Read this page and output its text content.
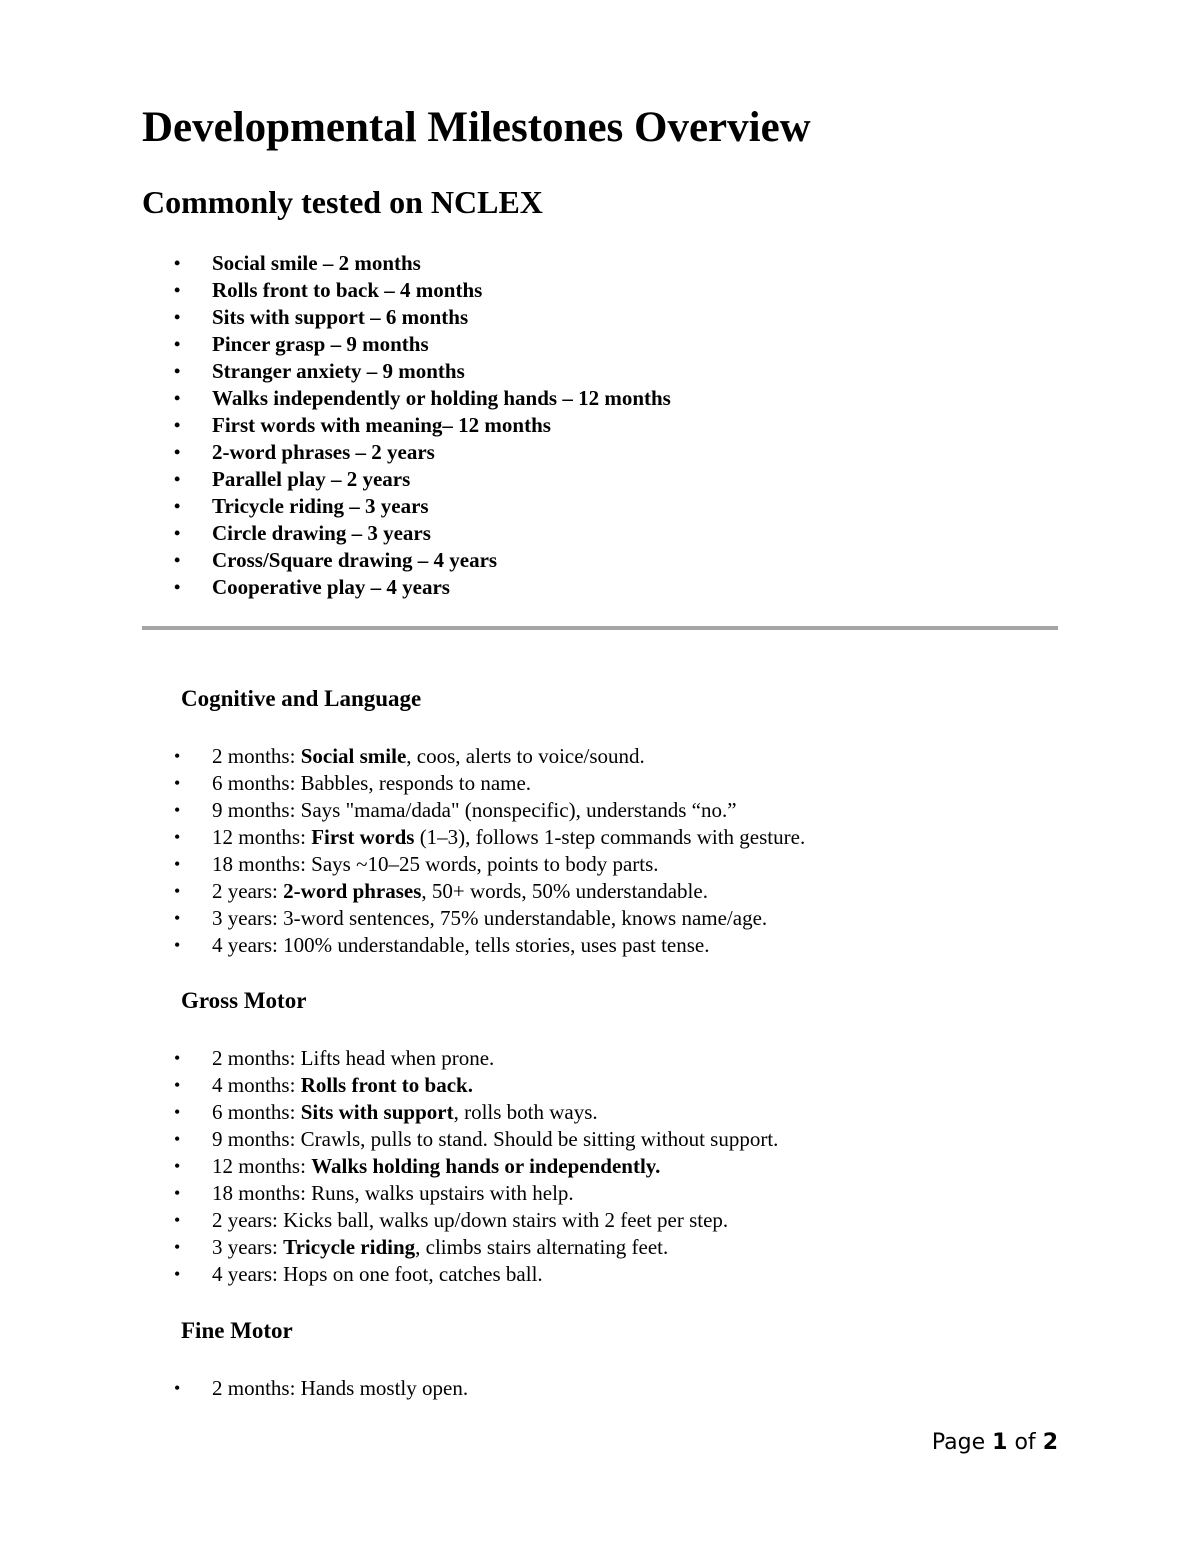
Developmental Milestones Overview
Commonly tested on NCLEX
•	Social smile – 2 months
•	Rolls front to back – 4 months
•	Sits with support – 6 months
•	Pincer grasp – 9 months
•	Stranger anxiety – 9 months
•	Walks independently or holding hands – 12 months
•	First words with meaning– 12 months
•	2-word phrases – 2 years
•	Parallel play – 2 years
•	Tricycle riding – 3 years
•	Circle drawing – 3 years
•	Cross/Square drawing – 4 years
•	Cooperative play – 4 years
Cognitive and Language
•	2 months: Social smile, coos, alerts to voice/sound.
•	6 months: Babbles, responds to name.
•	9 months: Says "mama/dada" (nonspecific), understands “no.”
•	12 months: First words (1–3), follows 1-step commands with gesture.
•	18 months: Says ~10–25 words, points to body parts.
•	2 years: 2-word phrases, 50+ words, 50% understandable.
•	3 years: 3-word sentences, 75% understandable, knows name/age.
•	4 years: 100% understandable, tells stories, uses past tense.
Gross Motor
•	2 months: Lifts head when prone.
•	4 months: Rolls front to back.
•	6 months: Sits with support, rolls both ways.
•	9 months: Crawls, pulls to stand. Should be sitting without support.
•	12 months: Walks holding hands or independently.
•	18 months: Runs, walks upstairs with help.
•	2 years: Kicks ball, walks up/down stairs with 2 feet per step.
•	3 years: Tricycle riding, climbs stairs alternating feet.
•	4 years: Hops on one foot, catches ball.
Fine Motor
•	2 months: Hands mostly open.
Page 1 of 2
